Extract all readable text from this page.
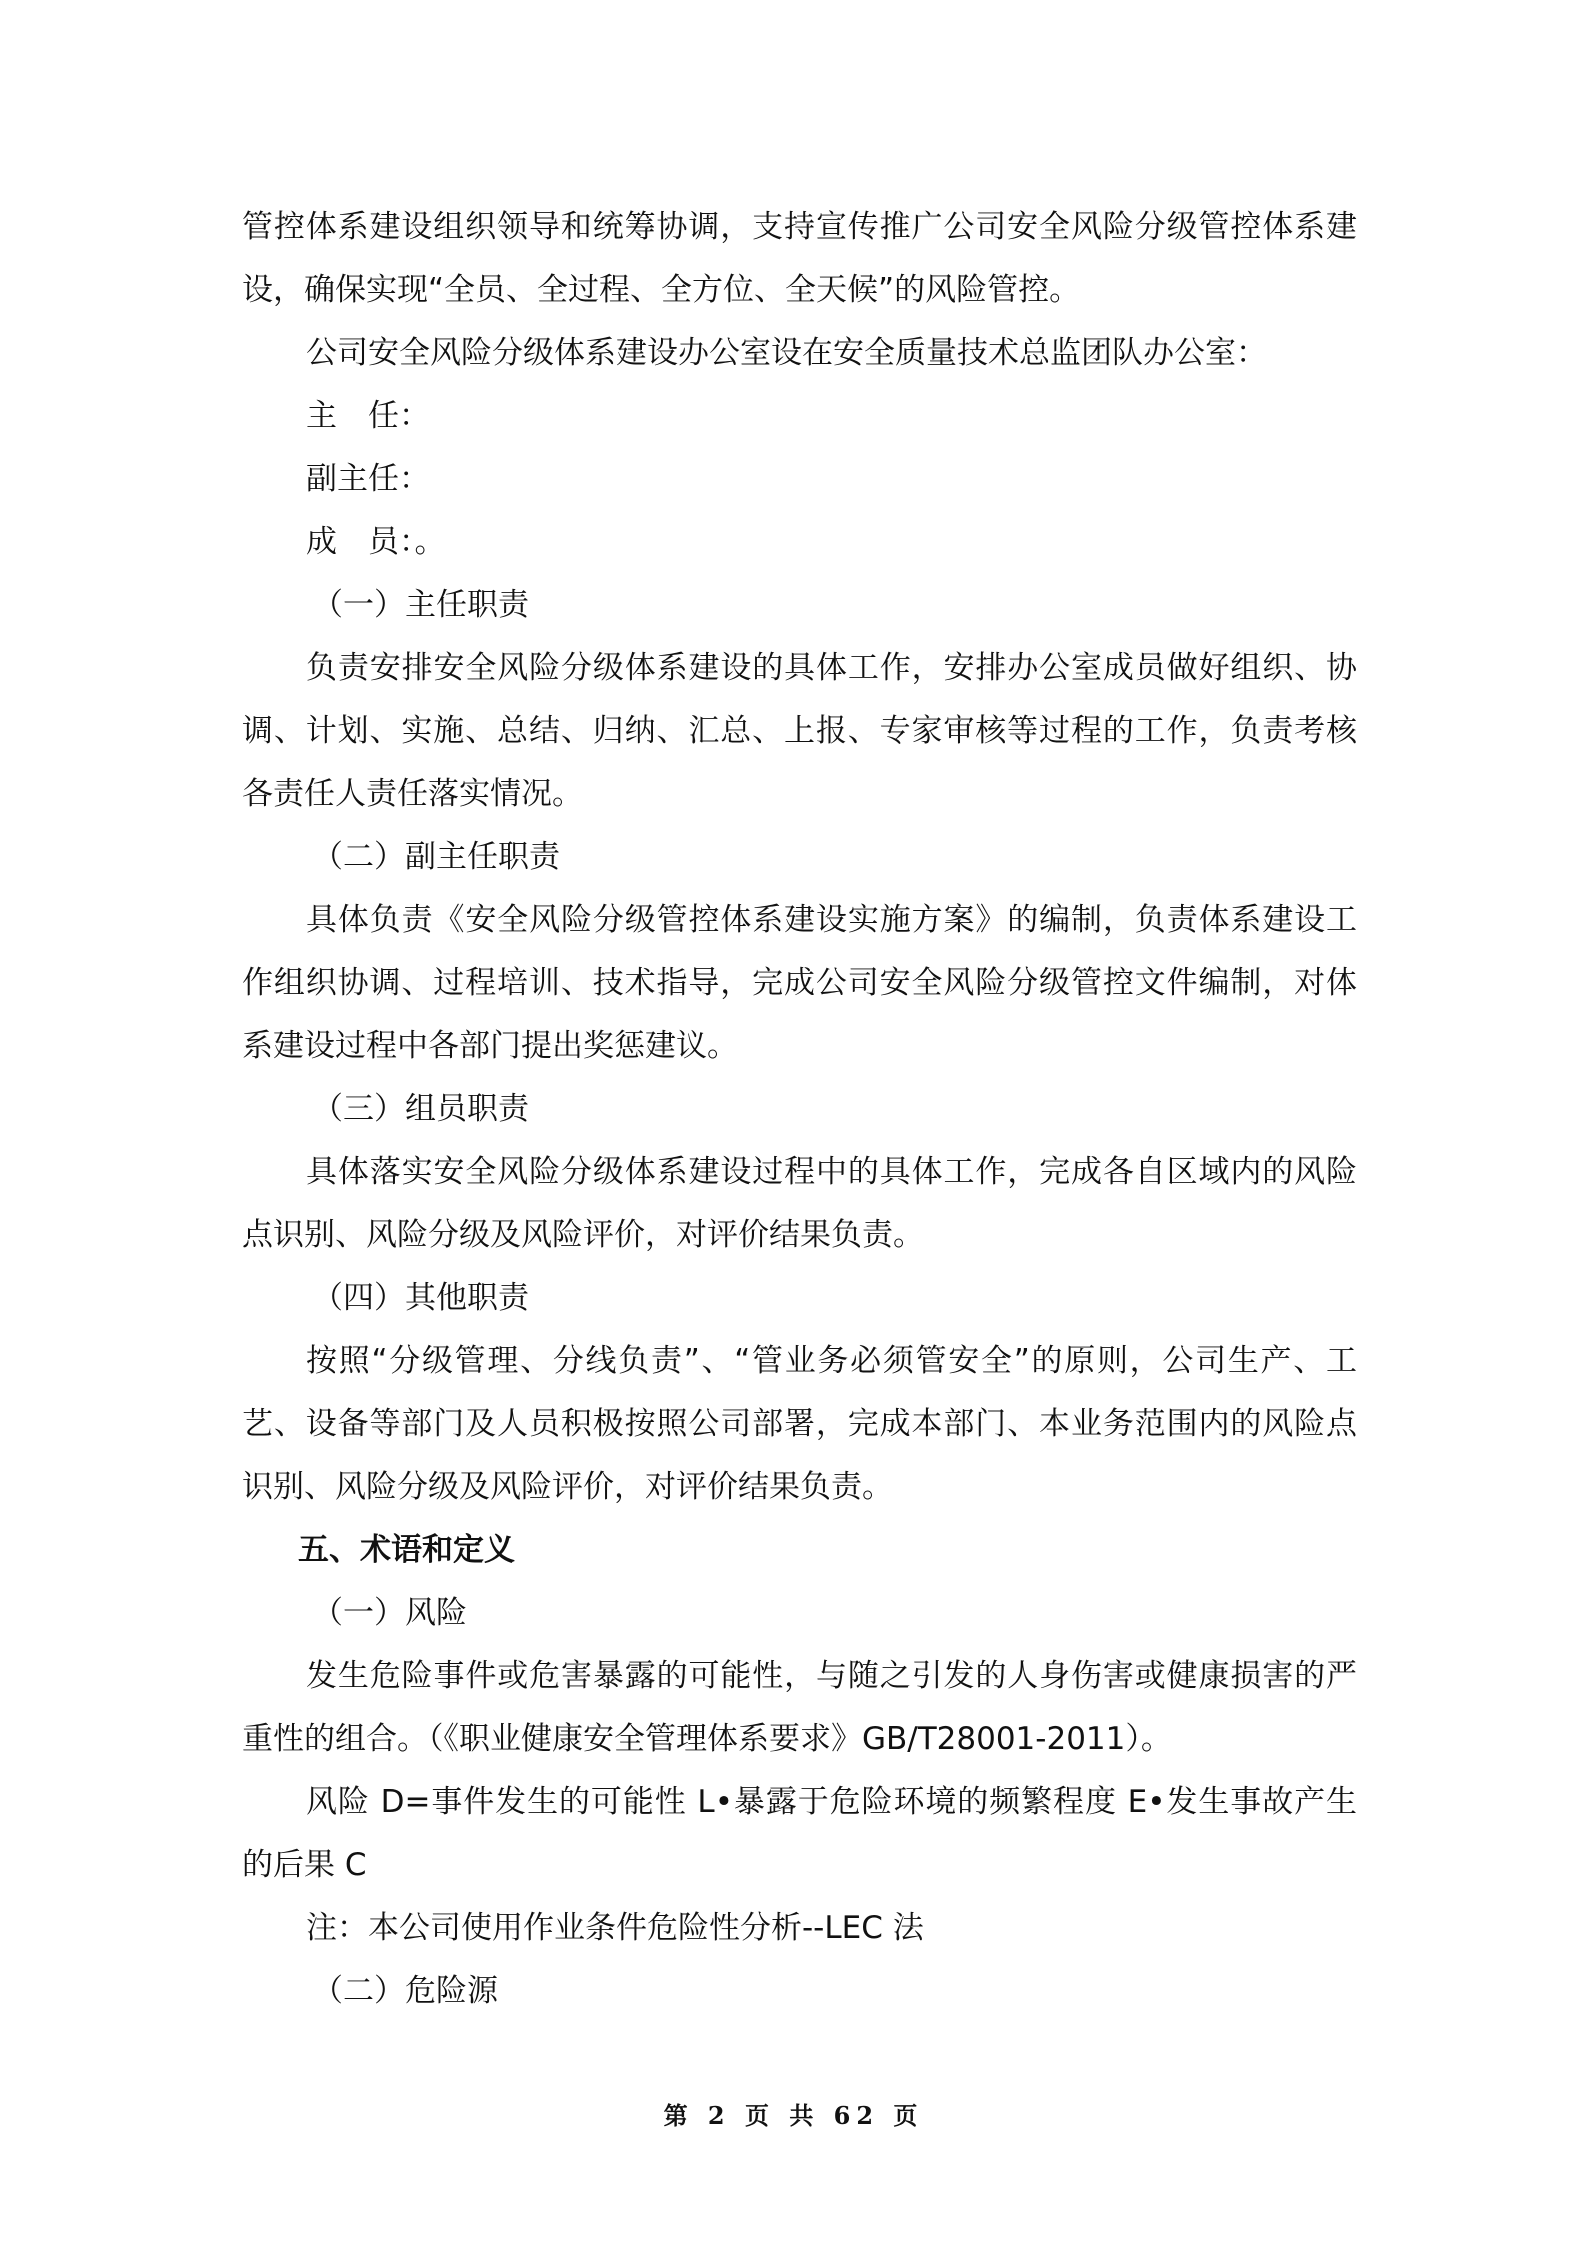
管控体系建设组织领导和统筹协调，支持宣传推广公司安全风险分级管控体系建设，确保实现“全员、全过程、全方位、全天候”的风险管控。

公司安全风险分级体系建设办公室设在安全质量技术总监团队办公室：

主　任：

副主任：

成　员：。

（一）主任职责

负责安排安全风险分级体系建设的具体工作，安排办公室成员做好组织、协调、计划、实施、总结、归纳、汇总、上报、专家审核等过程的工作，负责考核各责任人责任落实情况。

（二）副主任职责

具体负责《安全风险分级管控体系建设实施方案》的编制，负责体系建设工作组织协调、过程培训、技术指导，完成公司安全风险分级管控文件编制，对体系建设过程中各部门提出奖惩建议。

（三）组员职责

具体落实安全风险分级体系建设过程中的具体工作，完成各自区域内的风险点识别、风险分级及风险评价，对评价结果负责。

（四）其他职责

按照“分级管理、分线负责”、“管业务必须管安全”的原则，公司生产、工艺、设备等部门及人员积极按照公司部署，完成本部门、本业务范围内的风险点识别、风险分级及风险评价，对评价结果负责。

五、术语和定义

（一）风险

发生危险事件或危害暴露的可能性，与随之引发的人身伤害或健康损害的严重性的组合。（《职业健康安全管理体系要求》GB/T28001-2011）。

风险 D=事件发生的可能性 L•暴露于危险环境的频繁程度 E•发生事故产生的后果 C

注：本公司使用作业条件危险性分析--LEC 法

（二）危险源

第 2 页 共 62 页
